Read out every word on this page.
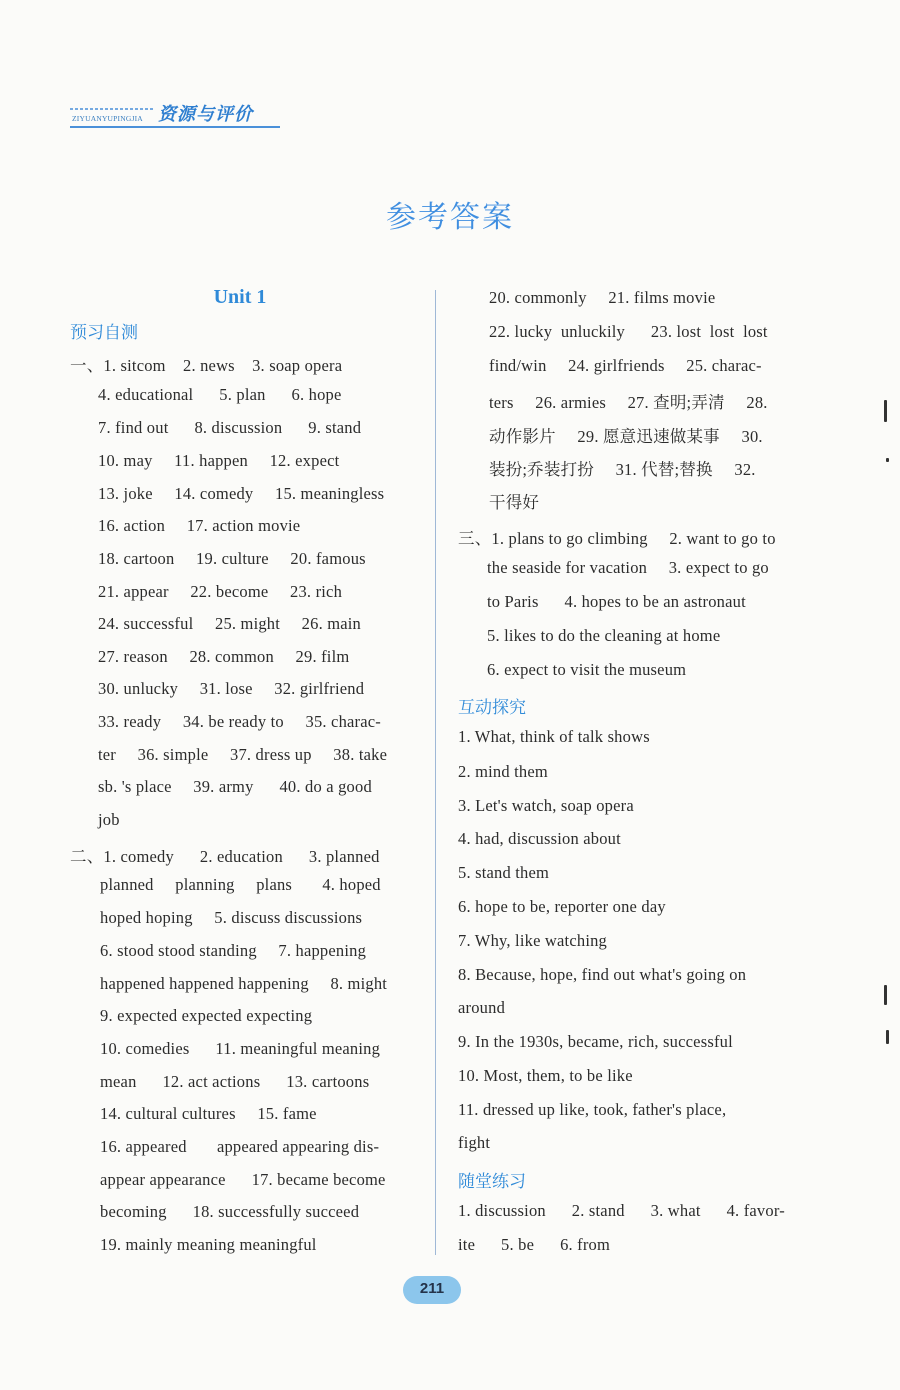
ZIYUANYUPINGJIA 资源与评价
参考答案
Unit 1
预习自测
互动探究
随堂练习
一、1. sitcom    2. news    3. soap opera
4. educational      5. plan      6. hope
7. find out      8. discussion      9. stand
10. may     11. happen     12. expect
13. joke     14. comedy     15. meaningless
16. action     17. action movie
18. cartoon     19. culture     20. famous
21. appear     22. become     23. rich
24. successful     25. might     26. main
27. reason     28. common     29. film
30. unlucky     31. lose     32. girlfriend
33. ready     34. be ready to     35. charac-
ter     36. simple     37. dress up     38. take
sb. 's place     39. army      40. do a good
job
二、1. comedy      2. education      3. planned
planned     planning     plans       4. hoped
hoped hoping     5. discuss discussions
6. stood stood standing     7. happening
happened happened happening     8. might
9. expected expected expecting
10. comedies      11. meaningful meaning
mean      12. act actions      13. cartoons
14. cultural cultures     15. fame
16. appeared       appeared appearing dis-
appear appearance      17. became become
becoming      18. successfully succeed
19. mainly meaning meaningful
20. commonly     21. films movie
22. lucky  unluckily      23. lost  lost  lost
find/win     24. girlfriends     25. charac-
ters     26. armies     27. 查明;弄清     28.
动作影片     29. 愿意迅速做某事     30.
装扮;乔装打扮     31. 代替;替换     32.
干得好
三、1. plans to go climbing     2. want to go to
the seaside for vacation     3. expect to go
to Paris      4. hopes to be an astronaut
5. likes to do the cleaning at home
6. expect to visit the museum
1. What, think of talk shows
2. mind them
3. Let's watch, soap opera
4. had, discussion about
5. stand them
6. hope to be, reporter one day
7. Why, like watching
8. Because, hope, find out what's going on
around
9. In the 1930s, became, rich, successful
10. Most, them, to be like
11. dressed up like, took, father's place,
fight
1. discussion      2. stand      3. what      4. favor-
ite      5. be      6. from
211
